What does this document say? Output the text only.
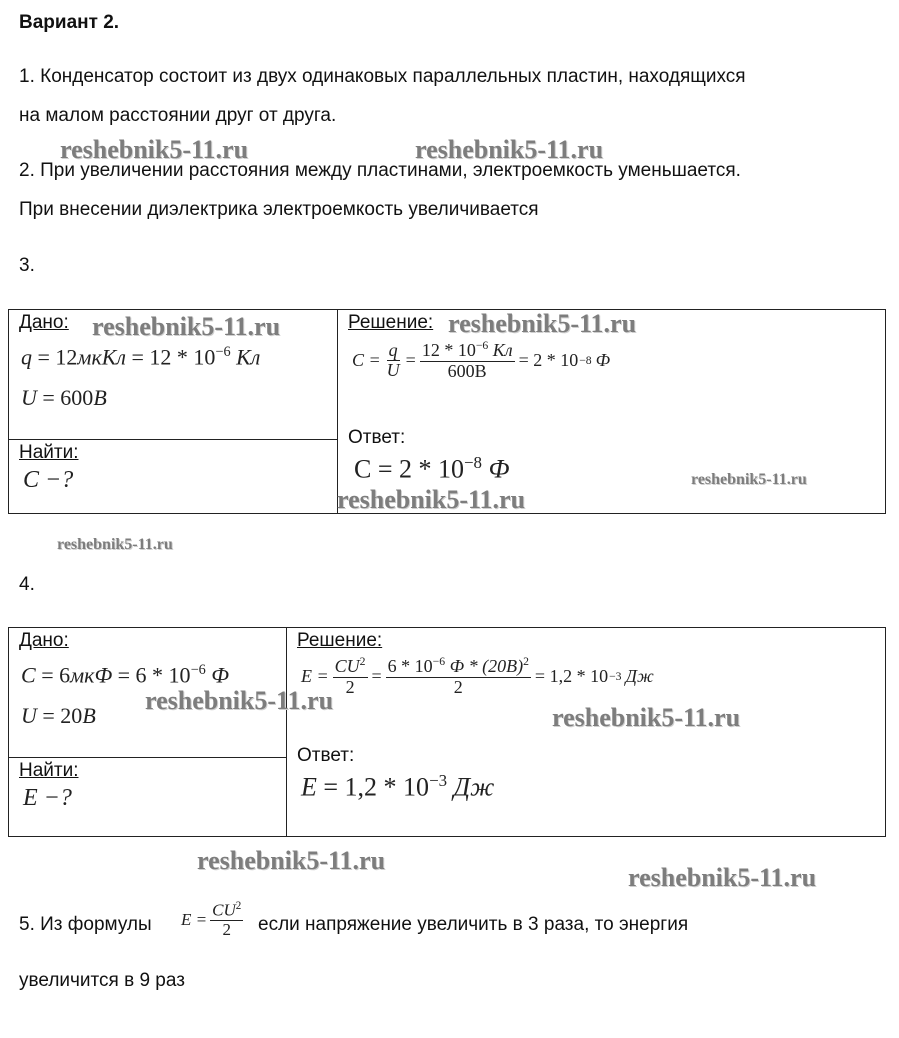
Вариант 2.
1. Конденсатор состоит из двух одинаковых параллельных пластин, находящихся
на малом расстоянии друг от друга.
reshebnik5-11.ru	reshebnik5-11.ru
2. При увеличении расстояния между пластинами, электроемкость уменьшается.
При внесении диэлектрика электроемкость увеличивается
3.
Дано:
q = 12мкКл = $12 * 10^{-6}$ Кл
U = 600В

Решение:
$C = \frac{q}{U} = \frac{12 * 10^{-6} Кл}{600В} = 2 * 10 -8$ Ф
Ответ:
$C = 2 * 10^{-8}$ Ф

Найти:
C −?
reshebnik5-11.ru	reshebnik5-11.ru
reshebnik5-11.ru
reshebnik5-11.ru
reshebnik5-11.ru
4.
Дано:
$C = 6мкФ = 6 * 10^{-6}$ Ф
U = 20В

Решение:
$E = \frac{CU^2}{2} = \frac{6 * 10^{-6} Ф * (20В)^2}{2} = 1,2 * 10 -3$ Дж
Ответ:
$E = 1,2 * 10^{-3}$ Дж

Найти:
E −?
reshebnik5-11.ru
reshebnik5-11.ru
reshebnik5-11.ru
reshebnik5-11.ru
5. Из формулы $E = \frac{CU^2}{2}$ если напряжение увеличить в 3 раза, то энергия
увеличится в 9 раз
